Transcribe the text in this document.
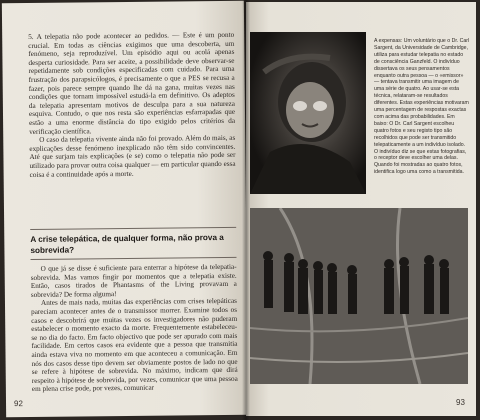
5. A telepatia não pode acontecer ao pedidos. — Este é um ponto crucial. Em todas as ciências exigimos que uma descoberta, um fenómeno, seja reproduzível. Um episódio aqui ou acolá apenas desperta curiosidade. Para ser aceite, a possibilidade deve observar-se repetidamente sob condições especificadas com cuidado. Para uma frustração dos parapsicólogos, é precisamente o que a PES se recusa a fazer, pois parece sempre quando lhe dá na gana, muitas vezes nas condições que tornam impossível estudá-la em definitivo. Os adeptos da telepatia apresentam motivos de desculpa para a sua natureza esquiva. Contudo, o que nos resta são experiências esfarrapadas que estão a uma enorme distância do tipo exigido pelos critérios da verificação científica.

O caso da telepatia vivente ainda não foi provado. Além do mais, as explicações desse fenómeno inexplicado não têm sido convincentes. Até que surjam tais explicações (e se) como o telepatia não pode ser utilizado para provar outra coisa qualquer — em particular quando essa coisa é a continuidade após a morte.

A crise telepática, de qualquer forma, não prova a sobrevida?

O que já se disse é suficiente para enterrar a hipótese da telepatia-sobrevida. Mas vamos fingir por momentos que a telepatia existe. Então, casos tirados de Phantasms of the Living provavam a sobrevida? De forma alguma!

Antes de mais nada, muitas das experiências com crises telepáticas pareciam acontecer antes de o transmissor morrer. Examine todos os casos e descobrirá que muitas vezes os investigadores não puderam estabelecer o momento exacto da morte. Frequentemente estabeleceu-se no dia do facto. Em facto objectivo que pode ser apurado com mais facilidade. Em certos casos era evidente que a pessoa que transmitia ainda estava viva no momento em que aconteceu a comunicação. Em nós dos casos desse tipo devem ser obviamente postos de lado no que se refere à hipótese de sobrevida. No máximo, indicam que dirá respeito à hipótese de sobrevida, por vezes, comunicar que uma pessoa em plena crise pode, por vezes, comunicar

92
A expensas: Um voluntário que o Dr. Carl Sargent, da Universidade de Cambridge, utiliza para estudar telepatia no estado de consciência Ganzfeld. O indivíduo dissertava os seus pensamentos enquanto outra pessoa — o «emissor» — tentava transmitir uma imagem de uma série de quatro. Ao usar-se esta técnica, relataram-se resultados diferentes. Estas experiências motivaram uma percentagem de respostas exactas com acima das probabilidades. Em baixo: O Dr. Carl Sargent escolheu quatro fotos e seu registo tipo são recolhidos que pode ser transmitido telepaticamente a um indivíduo isolado. O indivíduo diz se que estas fotografias, o receptor deve escolher uma delas. Quando foi mostradas ao quatro fotos, identifica logo uma como a transmitida.
93
